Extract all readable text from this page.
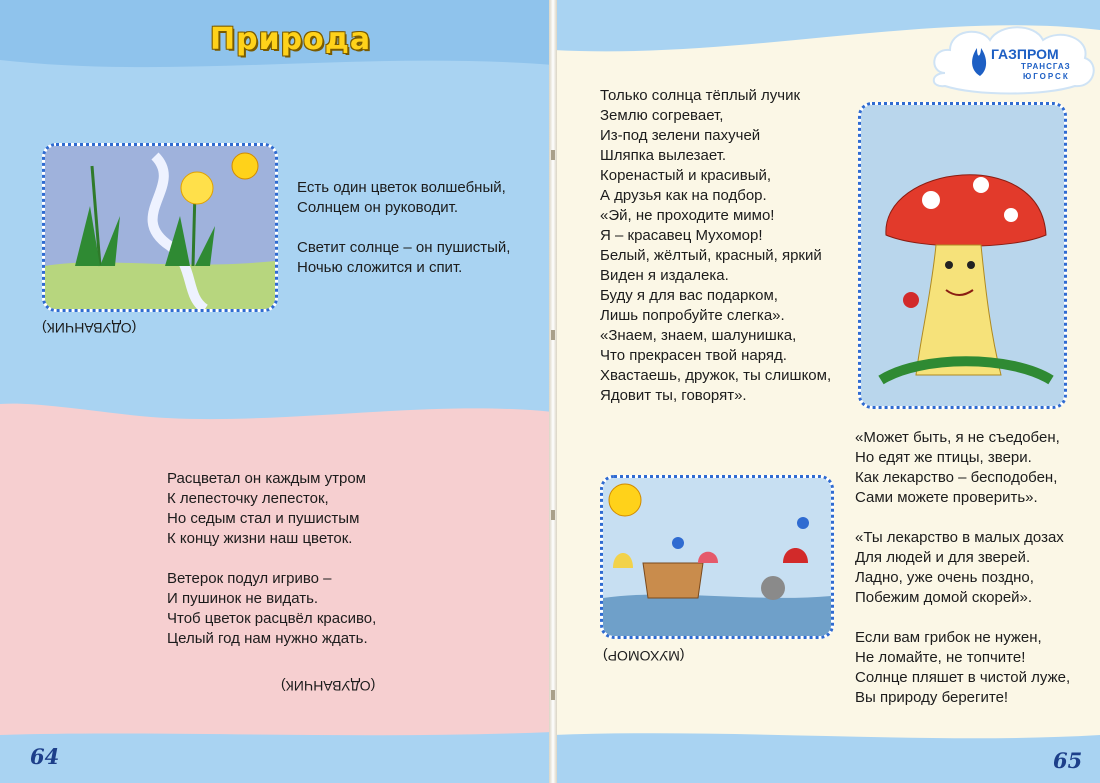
Природа
Есть один цветок волшебный,
Солнцем он руководит.

Светит солнце – он пушистый,
Ночью сложится и спит.
(ОДУВАНЧИК)
Расцветал он каждым утром
К лепесточку лепесток,
Но седым стал и пушистым
К концу жизни наш цветок.

Ветерок подул игриво –
И пушинок не видать.
Чтоб цветок расцвёл красиво,
Целый год нам нужно ждать.
(ОДУВАНЧИК)
64
Только солнца тёплый лучик
Землю согревает,
Из-под зелени пахучей
Шляпка вылезает.
Коренастый и красивый,
А друзья как на подбор.
«Эй, не проходите мимо!
Я – красавец Мухомор!
Белый, жёлтый, красный, яркий
Виден я издалека.
Буду я для вас подарком,
Лишь попробуйте слегка».
«Знаем, знаем, шалунишка,
Что прекрасен твой наряд.
Хвастаешь, дружок, ты слишком,
Ядовит ты, говорят».
(МУХОМОР)
«Может быть, я не съедобен,
Но едят же птицы, звери.
Как лекарство – бесподобен,
Сами можете проверить».

«Ты лекарство в малых дозах
Для людей и для зверей.
Ладно, уже очень поздно,
Побежим домой скорей».

Если вам грибок не нужен,
Не ломайте, не топчите!
Солнце пляшет в чистой луже,
Вы природу берегите!
65
ГАЗПРОМ
ТРАНСГАЗ
ЮГОРСК
